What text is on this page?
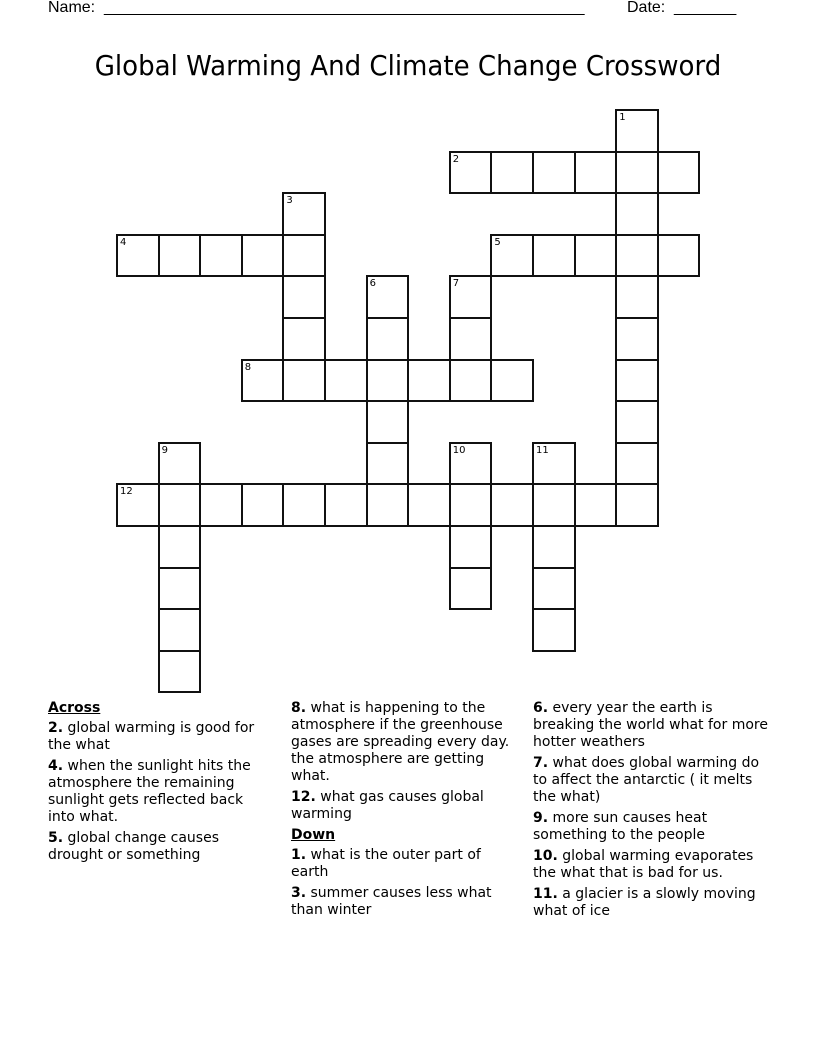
Name: ______________________________________________________	Date: _______
Global Warming And Climate Change Crossword
1
2
3
4	5
6	7
8
9	10	11
12
Across
2. global warming is good for the what
4. when the sunlight hits the atmosphere the remaining sunlight gets reflected back into what.
5. global change causes drought or something
8. what is happening to the atmosphere if the greenhouse gases are spreading every day. the atmosphere are getting what.
12. what gas causes global warming
Down
1. what is the outer part of earth
3. summer causes less what than winter
6. every year the earth is breaking the world what for more hotter weathers
7. what does global warming do to affect the antarctic ( it melts the what)
9. more sun causes heat something to the people
10. global warming evaporates the what that is bad for us.
11. a glacier is a slowly moving what of ice
